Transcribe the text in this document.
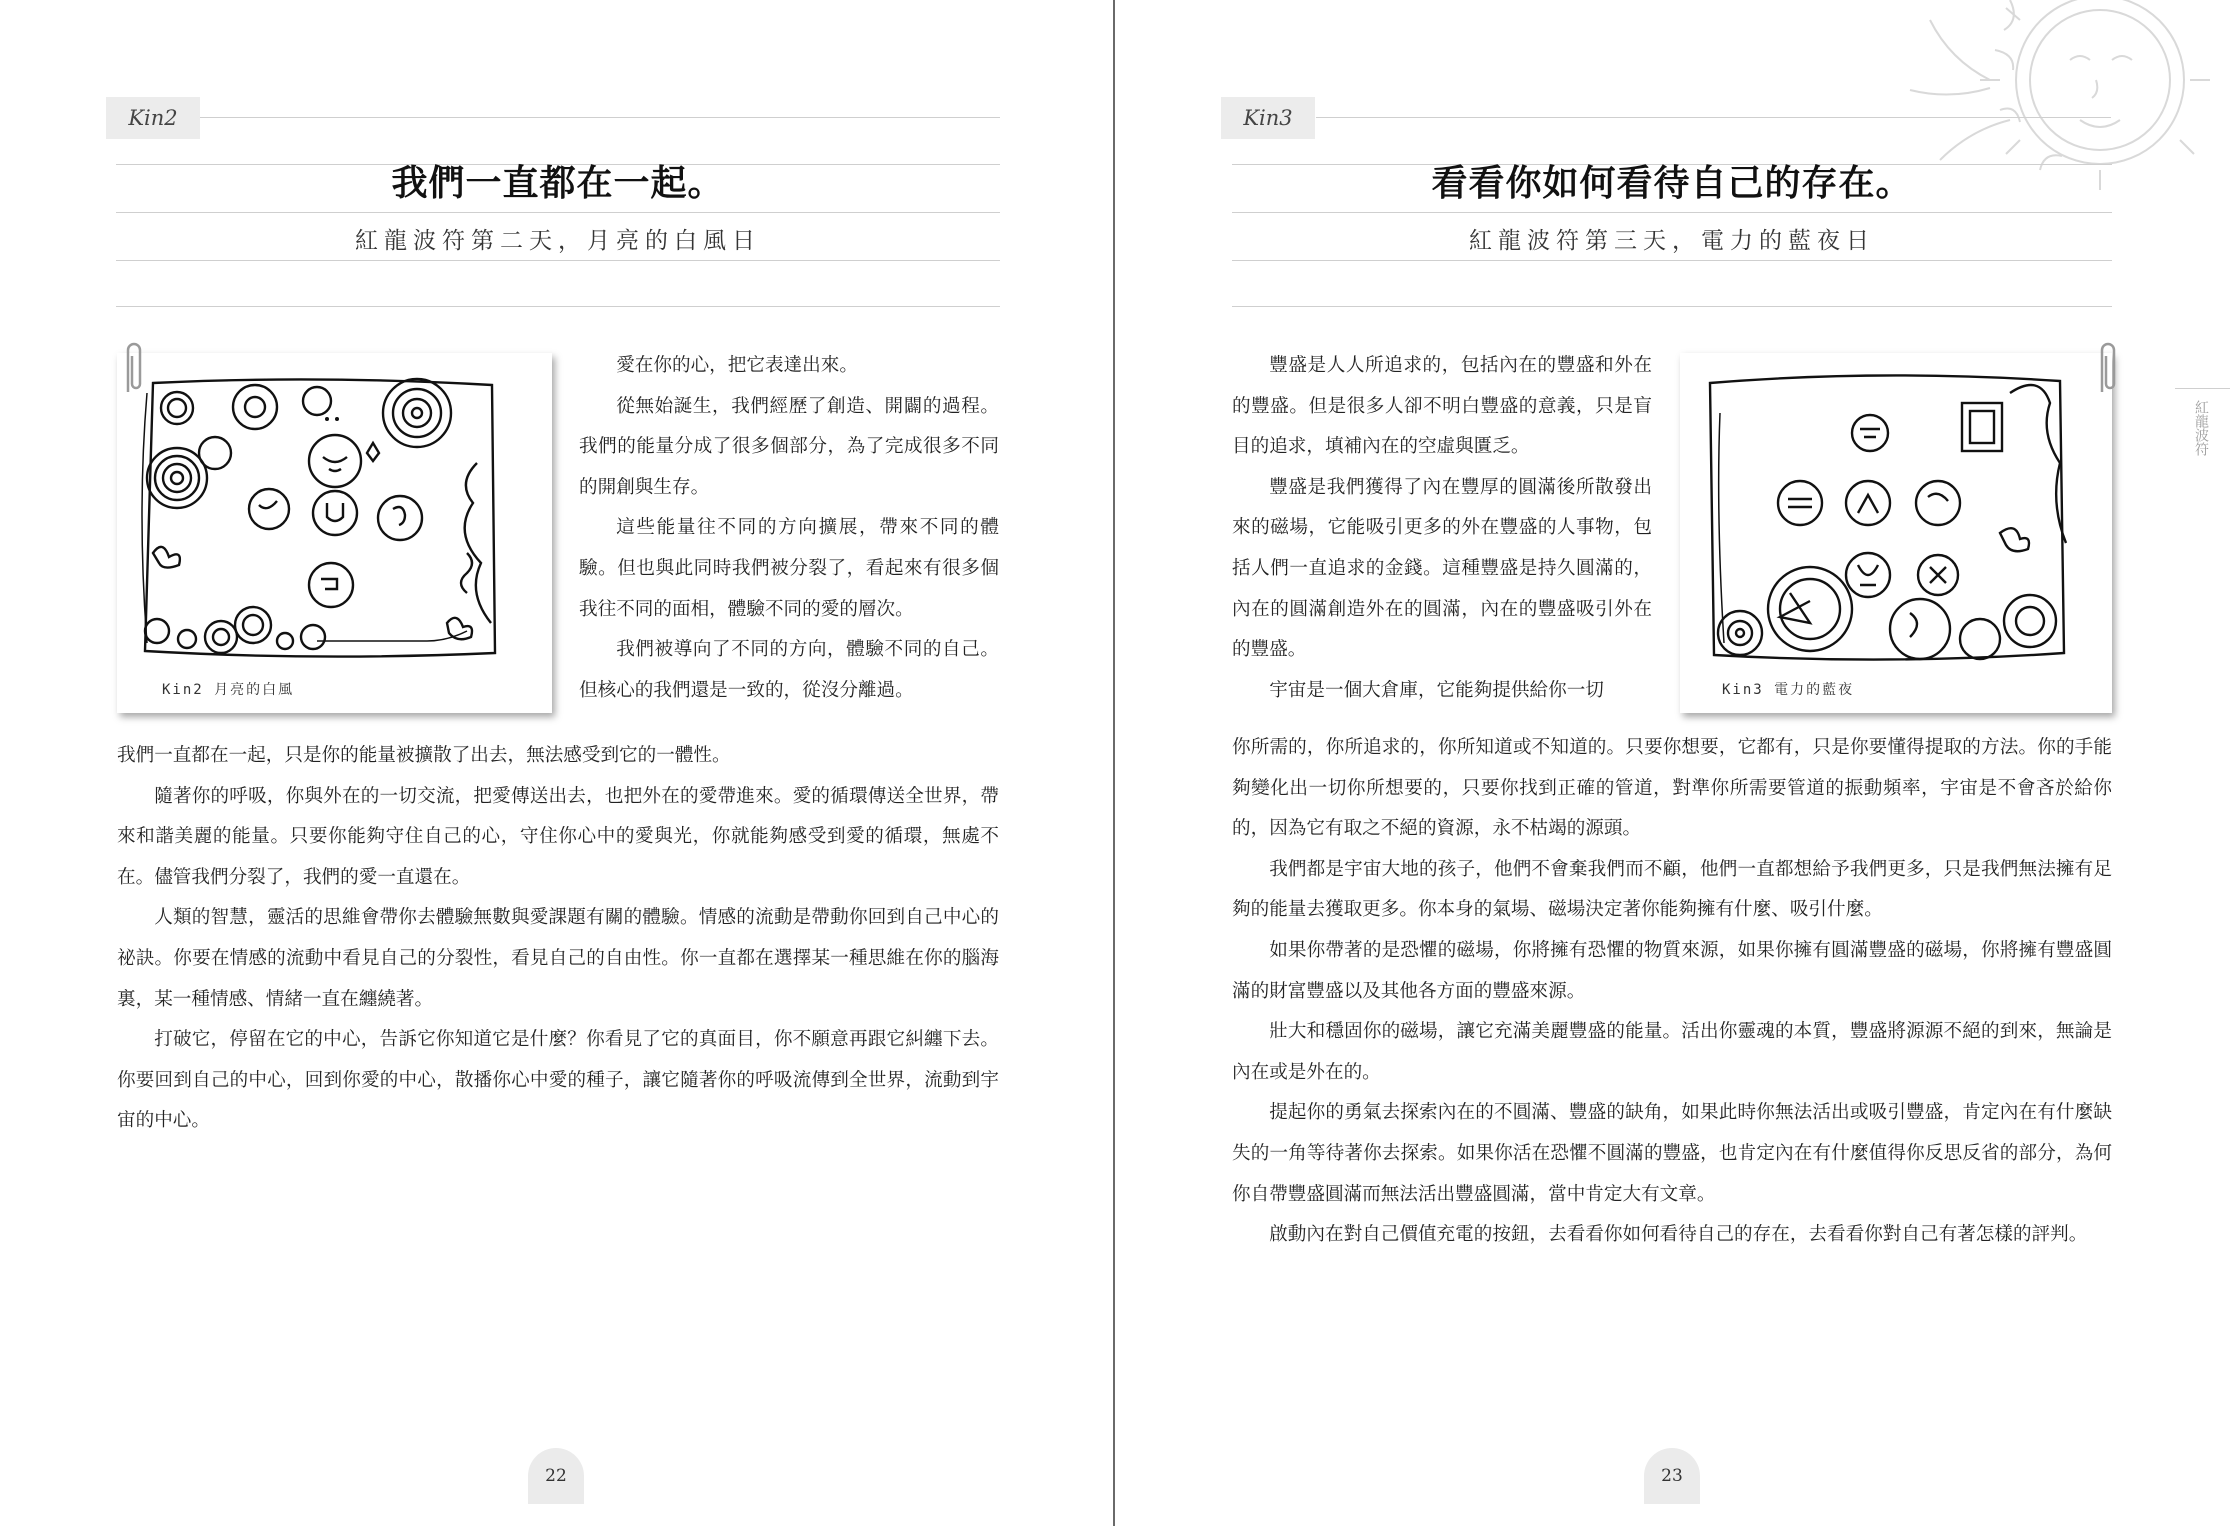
Kin2
我們一直都在一起。
紅龍波符第二天，月亮的白風日
Kin2 月亮的白風

愛在你的心，把它表達出來。

從無始誕生，我們經歷了創造、開闢的過程。我們的能量分成了很多個部分，為了完成很多不同的開創與生存。

這些能量往不同的方向擴展，帶來不同的體驗。但也與此同時我們被分裂了，看起來有很多個我往不同的面相，體驗不同的愛的層次。

我們被導向了不同的方向，體驗不同的自己。但核心的我們還是一致的，從沒分離過。

我們一直都在一起，只是你的能量被擴散了出去，無法感受到它的一體性。

隨著你的呼吸，你與外在的一切交流，把愛傳送出去，也把外在的愛帶進來。愛的循環傳送全世界，帶來和諧美麗的能量。只要你能夠守住自己的心，守住你心中的愛與光，你就能夠感受到愛的循環，無處不在。儘管我們分裂了，我們的愛一直還在。

人類的智慧，靈活的思維會帶你去體驗無數與愛課題有關的體驗。情感的流動是帶動你回到自己中心的祕訣。你要在情感的流動中看見自己的分裂性，看見自己的自由性。你一直都在選擇某一種思維在你的腦海裏，某一種情感、情緒一直在纏繞著。

打破它，停留在它的中心，告訴它你知道它是什麼？你看見了它的真面目，你不願意再跟它糾纏下去。你要回到自己的中心，回到你愛的中心，散播你心中愛的種子，讓它隨著你的呼吸流傳到全世界，流動到宇宙的中心。

22
Kin3
看看你如何看待自己的存在。
紅龍波符第三天，電力的藍夜日
紅龍波符

豐盛是人人所追求的，包括內在的豐盛和外在的豐盛。但是很多人卻不明白豐盛的意義，只是盲目的追求，填補內在的空虛與匱乏。

豐盛是我們獲得了內在豐厚的圓滿後所散發出來的磁場，它能吸引更多的外在豐盛的人事物，包括人們一直追求的金錢。這種豐盛是持久圓滿的，內在的圓滿創造外在的圓滿，內在的豐盛吸引外在的豐盛。

宇宙是一個大倉庫，它能夠提供給你一切	Kin3 電力的藍夜

你所需的，你所追求的，你所知道或不知道的。只要你想要，它都有，只是你要懂得提取的方法。你的手能夠變化出一切你所想要的，只要你找到正確的管道，對準你所需要管道的振動頻率，宇宙是不會吝於給你的，因為它有取之不絕的資源，永不枯竭的源頭。

我們都是宇宙大地的孩子，他們不會棄我們而不顧，他們一直都想給予我們更多，只是我們無法擁有足夠的能量去獲取更多。你本身的氣場、磁場決定著你能夠擁有什麼、吸引什麼。

如果你帶著的是恐懼的磁場，你將擁有恐懼的物質來源，如果你擁有圓滿豐盛的磁場，你將擁有豐盛圓滿的財富豐盛以及其他各方面的豐盛來源。

壯大和穩固你的磁場，讓它充滿美麗豐盛的能量。活出你靈魂的本質，豐盛將源源不絕的到來，無論是內在或是外在的。

提起你的勇氣去探索內在的不圓滿、豐盛的缺角，如果此時你無法活出或吸引豐盛，肯定內在有什麼缺失的一角等待著你去探索。如果你活在恐懼不圓滿的豐盛，也肯定內在有什麼值得你反思反省的部分，為何你自帶豐盛圓滿而無法活出豐盛圓滿，當中肯定大有文章。

啟動內在對自己價值充電的按鈕，去看看你如何看待自己的存在，去看看你對自己有著怎樣的評判。

23
